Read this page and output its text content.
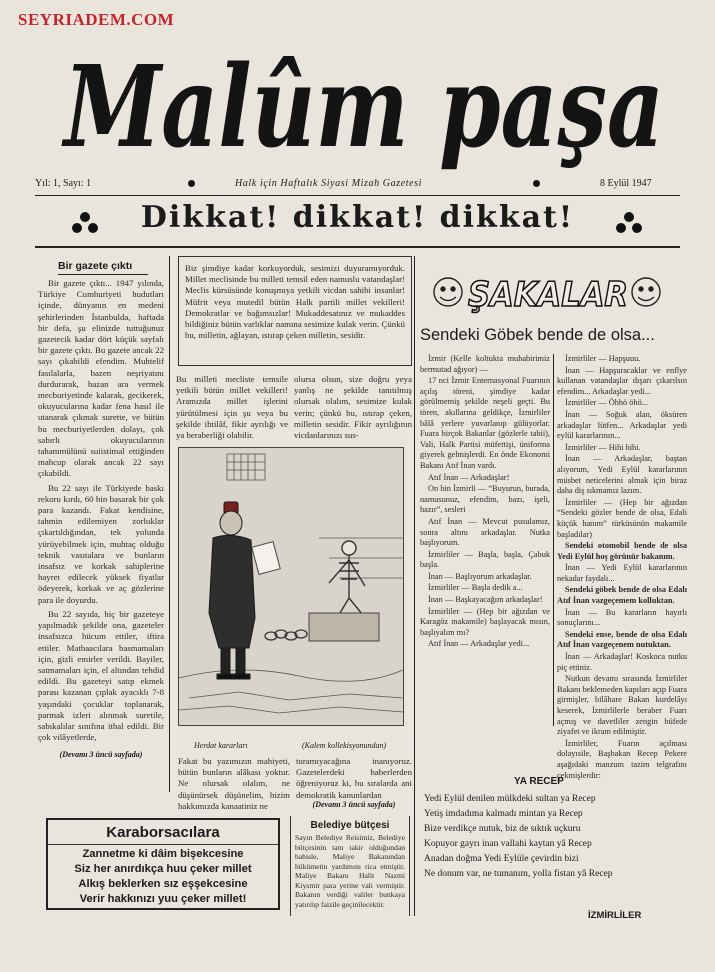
SEYRIADEM.COM
Malûm paşa
Yıl: 1, Sayı: 1	Halk için Haftalık Siyasi Mizah Gazetesi	8 Eylül 1947
Dikkat! dikkat! dikkat!
Bir gazete çıktı

Bir gazete çıktı... 1947 yılında, Türkiye Cumhuriyeti hudutları içinde, dünyanın en medeni şehirlerinden İstanbulda, haftada bir defa, şu elinizde tuttuğunuz gazetecik kadar dört küçük sayfalı bir gazete çıktı. Bu gazete ancak 22 sayı çıkabildi efendim. Muhtelif fasılalarla, bazen neşriyatını durdurarak, bazan ara vermek mecburiyetinde kalarak, gecikerek, okuyucularına kadar fena hasıl ile utanarak çıkmak surette, ve bütün bu mecburiyetlerden dolayı, çok sabırlı okuyucularının tahammülünü suiistimal ettiğinden mahcup olarak ancak 22 sayı çıkabildi.

Bu 22 sayı ile Türkiyede baskı rekoru kırdı, 60 bin basarak bir çok para kazandı. Fakat kendisine, tahmin edilemiyen zorluklar çıkartıldığından, tek yolunda yürüyebilmek için, muhtaç olduğu teknik vasıtalara ve bunların insafsız ve korkak sahiplerine hayret edilecek yüksek fiyatlar ödeyerek, korkak ve aç gözlerine para ile doyurdu.

Bu 22 sayıda, hiç bir gazeteye yapılmadık şekilde ona, gazeteler insafsızca hücum ettiler, iftira ettiler. Matbaacılara basmamaları için, gizli emirler verildi. Bayiler, satmamaları için, el altından tehdid edildi. Bu gazeteyi satıp ekmek parası kazanan çıplak ayacıklı 7-8 yaşındaki çocuklar toplanarak, parmak izleri alınmak suretile, sabıkalılar sınıfına ithal edildi. Bir çok vilâyetlerde,

(Devamı 3 üncü sayfada)
Biz şimdiye kadar korkuyorduk, sesimizi duyuramıyorduk. Millet meclisinde bu milleti temsil eden namuslu vatandaşlar! Meclis kürsüsünde konuşmıya yetkili vicdan sahibi insanlar! Müfrit veya mutedil bütün Halk partili millet vekilleri! Demokratlar ve bağımsızlar! Mukaddesatınız ve mukaddes bildiğiniz bütün varlıklar namına sesimize kulak verin. Çünkü bu, milletin, ağlayan, ıstırap çeken milletin, sesidir.
Bu milleti mecliste temsile yetkili bütün millet vekilleri! Aramızda millet işlerini yürütülmesi için şu veya bu şekilde ihtilâf, fikir ayrılığı ve ya beraberliği olabilir.
olursa olsun, size doğru yeya yanlış ne şekilde tanıtılmış olursak olalım, sesimize kulak verin; çünkü bu, ıstırap çeken, milletin sesidir. Fikir ayrılığının vicdanlarınızı sus-
Herdat kararları	(Kalem kollekisyonundan)
Fakat bu yazımızın mahiyeti, bütün bunların alâkası yoktur. Ne olursak olalım, ne düşünürsek düşünelim, bizim hakkımızda kanaatiniz ne
turamıyacağına inanıyoruz. Gazetelerdeki haberlerden öğreniyoruz ki, bu sıralarda ani demokratik kanunlardan
(Devamı 3 üncü sayfada)
Karaborsacılara
Zannetme ki dâim bişekcesine
Siz her anırdıkça huu çeker millet
Alkış beklerken sız eşşekcesine
Verir hakkınızı yuu çeker millet!
Belediye bütçesi
Sayın Belediye Reisimiz, Belediye bütçesinin tam takir olduğundan bahisle, Maliye Bakanından hükümetin yardımını rica etmiştir. Maliye Bakanı Halit Nazmi Kiysmir para yerine vali vermiştir. Bakanın verdiği valiler bunkaya yatırılıp faizile geçinilecektir.
ŞAKALAR
Sendeki Göbek bende de olsa...

İzmir (Kelle koltukta muhabirimiz bermutad ağıyor) —

17 nci İzmir Enternasyonal Fuarının açılış töreni, şimdiye kadar görülmemiş şekilde neşeli geçti. Bu tören, akıllarına geldikçe, İzmirliler bâlâ yerlere yuvarlanıp gülüyorlar. Fuara birçok Bakanlar (gözlerle tabii), Vali, Halk Partisi müfettişi, üniforma giyerek gelmişlerdi. En önde Ekonomi Bakanı Atıf İnan vardı.

Atıf İnan — Arkadaşlar!

On bin İzmirli — “Buyurun, burada, namusunuz, efendim, bazı, işeli, hazır”, sesleri

Atıf İnan — Mevcut pusulamız, sonra altını arkadaşlar. Nutka başlıyorum.

İzmirliler — Başla, başla, Çabuk başla.

İnan — Başlıyorum arkadaşlar.

İzmirliler — Başla dedik a...

İnan — Başkayacağım arkadaşlar!

İzmirliler — (Hep bir ağızdan ve Karagöz makamile) başlayacak mısın, başlıyalım mı?

Atıf İnan — Arkadaşlar yedi...

İzmirliler — Hapşuuu.

İnan — Hapşuracaklar ve enflye kullanan vatandaşlar dışarı çıkarılsın efendim... Arkadaşlar yedi...

İzmirliler — Öhhö öhö...

İnan — Soğuk alan, öksüren arkadaşlar lütfen... Arkadaşlar yedi eylül kararlarının...

İzmirliler — Hihi hihi.

İnan — Arkadaşlar, baştan alıyorum, Yedi Eylül kararlarının müsbet neticelerini almak için biraz daha diş sıkmamız lazım.

İzmirliler — (Hep bir ağızdan “Sendeki gözler bende de olsa, Edali küçük hanım” türküsünün makamile başladılar)

Sendeki otomobil bende de olsa Yedi Eylül hoş görünür bakanım.

İnan — Yedi Eylül kararlarının nekadar faydalı...

Sendeki göbek bende de olsa Edalı Atıf İnan vazgeçemem kolluktan.

İnan — Bu kararların hayırlı sonuçlarını...

Sendeki ense, bende de olsa Edalı Atıf İnan vazgeçenem nutuktan.

İnan — Arkadaşlar! Koskoca nutku piç ettiniz.

Nutkun devamı sırasında İzmirliler Bakanı beklemeden kapıları açıp Fuara girmişler, bilâhare Bakan kurdelâyı keserek, İzmirlilerle beraber Fuarı açmış ve davetliler zengin büfede ziyafet ve ikram edilmiştir.

İzmirliler, Fuarın açılması dolayısile, Başbakan Recep Pekere aşağıdaki manzum tazim telgrafını çekmişlerdir:

YA RECEP
Yedi Eylül denilen mülkdeki sultan ya Recep
Yetiş imdadıma kalmadı mintan ya Recep
Bize verdikçe nutuk, biz de sıktık uçkuru
Kopuyor gayrı inan vallahi kaytan yâ Recep
Anadan doğma Yedi Eylüle çevirdin bizi
Ne donum var, ne tumanım, yolla fistan yâ Recep
İZMİRLİLER
